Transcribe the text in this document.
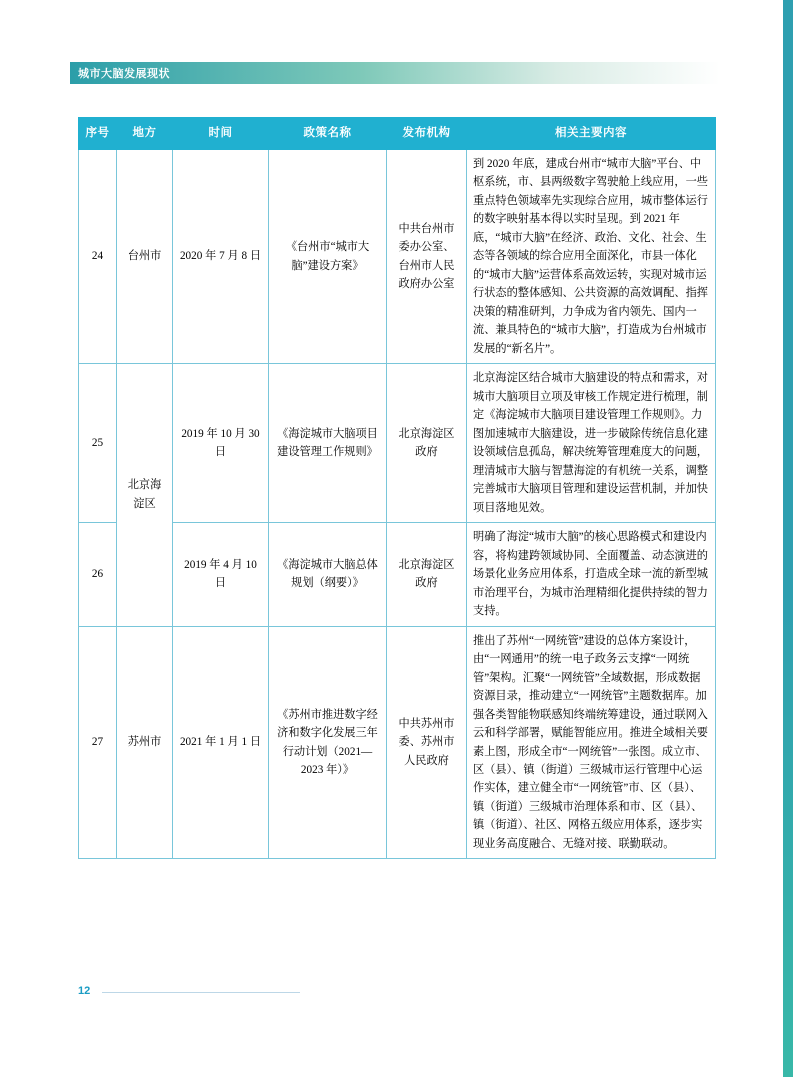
城市大脑发展现状
序号	地方	时间	政策名称	发布机构	相关主要内容
24	台州市	2020 年 7 月 8 日	《台州市“城市大脑”建设方案》	中共台州市委办公室、台州市人民政府办公室	到 2020 年底，建成台州市“城市大脑”平台、中枢系统，市、县两级数字驾驶舱上线应用，一些重点特色领域率先实现综合应用，城市整体运行的数字映射基本得以实时呈现。到 2021 年底，“城市大脑”在经济、政治、文化、社会、生态等各领域的综合应用全面深化，市县一体化的“城市大脑”运营体系高效运转，实现对城市运行状态的整体感知、公共资源的高效调配、指挥决策的精准研判，力争成为省内领先、国内一流、兼具特色的“城市大脑”，打造成为台州城市发展的“新名片”。
25	北京海淀区	2019 年 10 月 30 日	《海淀城市大脑项目建设管理工作规则》	北京海淀区政府	北京海淀区结合城市大脑建设的特点和需求，对城市大脑项目立项及审核工作规定进行梳理，制定《海淀城市大脑项目建设管理工作规则》。力图加速城市大脑建设，进一步破除传统信息化建设领域信息孤岛，解决统筹管理难度大的问题，理清城市大脑与智慧海淀的有机统一关系，调整完善城市大脑项目管理和建设运营机制，并加快项目落地见效。
26		2019 年 4 月 10 日	《海淀城市大脑总体规划（纲要）》	北京海淀区政府	明确了海淀“城市大脑”的核心思路模式和建设内容，将构建跨领域协同、全面覆盖、动态演进的场景化业务应用体系，打造成全球一流的新型城市治理平台，为城市治理精细化提供持续的智力支持。
27	苏州市	2021 年 1 月 1 日	《苏州市推进数字经济和数字化发展三年行动计划（2021—2023 年）》	中共苏州市委、苏州市人民政府	推出了苏州“一网统管”建设的总体方案设计，由“一网通用”的统一电子政务云支撑“一网统管”架构。汇聚“一网统管”全域数据，形成数据资源目录，推动建立“一网统管”主题数据库。加强各类智能物联感知终端统筹建设，通过联网入云和科学部署，赋能智能应用。推进全域相关要素上图，形成全市“一网统管”一张图。成立市、区（县）、镇（街道）三级城市运行管理中心运作实体，建立健全市“一网统管”市、区（县）、镇（街道）三级城市治理体系和市、区（县）、镇（街道）、社区、网格五级应用体系，逐步实现业务高度融合、无缝对接、联勤联动。
12
